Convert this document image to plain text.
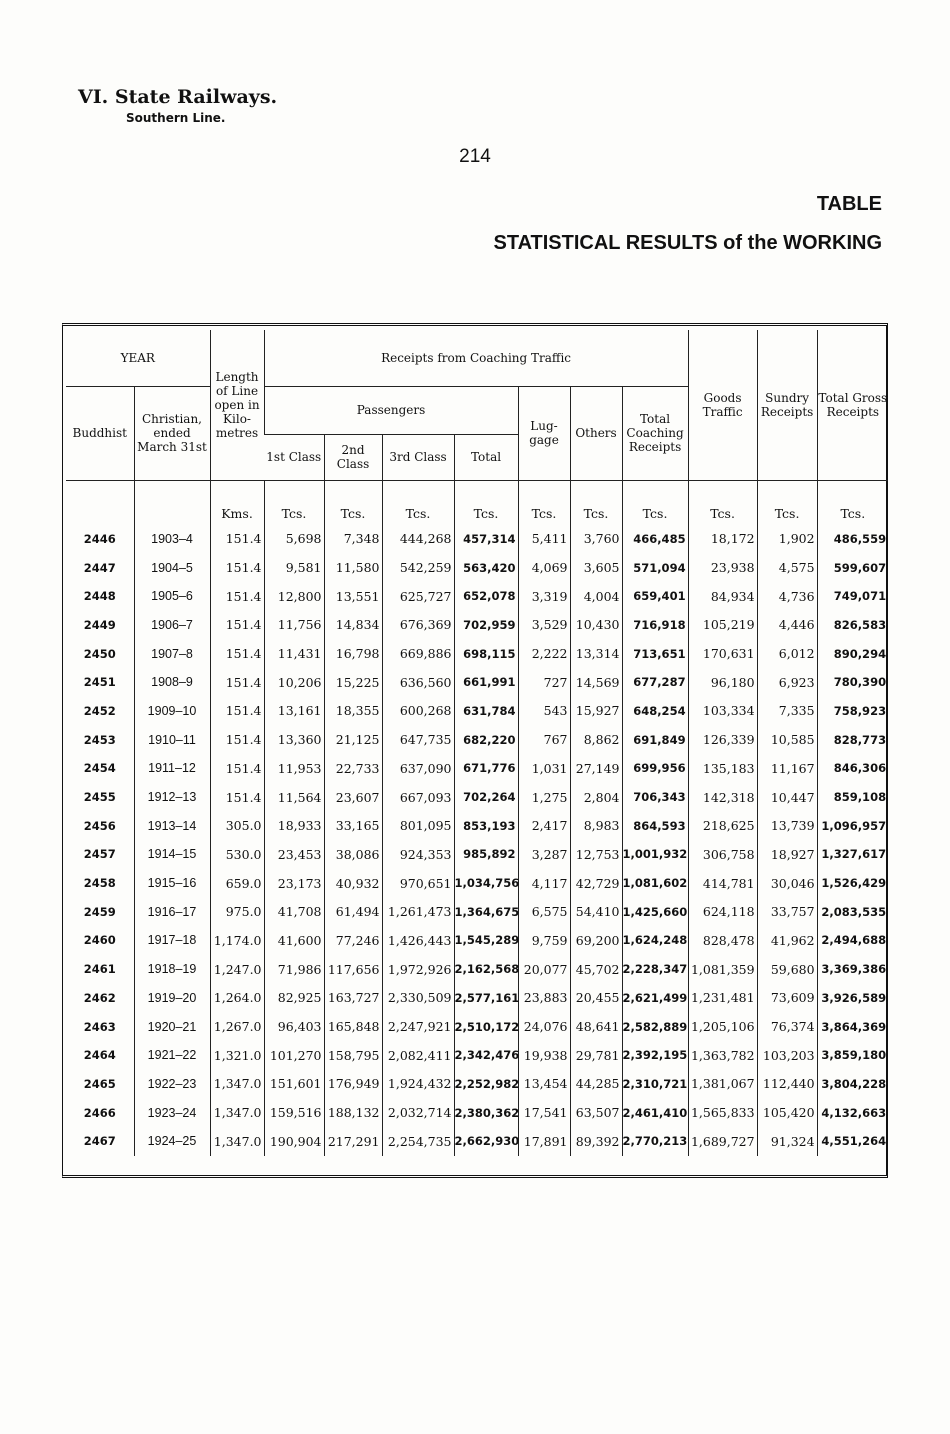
VI. State Railways.
Southern Line.
214
TABLE
STATISTICAL RESULTS of the WORKING
YEAR		Length of Line open in Kilo- metres	Receipts from Coaching Traffic							Goods Traffic	Sundry Receipts	Total Gross Receipts
Buddhist	Christian, ended March 31st		Passengers				Lug- gage	Others	Total Coaching Receipts			
			1st Class	2nd Class	3rd Class	Total						

		Kms.	Tcs.	Tcs.	Tcs.	Tcs.	Tcs.	Tcs.	Tcs.	Tcs.	Tcs.	Tcs.
2446	1903–4	151.4	5,698	7,348	444,268	457,314	5,411	3,760	466,485	18,172	1,902	486,559
2447	1904–5	151.4	9,581	11,580	542,259	563,420	4,069	3,605	571,094	23,938	4,575	599,607
2448	1905–6	151.4	12,800	13,551	625,727	652,078	3,319	4,004	659,401	84,934	4,736	749,071
2449	1906–7	151.4	11,756	14,834	676,369	702,959	3,529	10,430	716,918	105,219	4,446	826,583
2450	1907–8	151.4	11,431	16,798	669,886	698,115	2,222	13,314	713,651	170,631	6,012	890,294
2451	1908–9	151.4	10,206	15,225	636,560	661,991	727	14,569	677,287	96,180	6,923	780,390
2452	1909–10	151.4	13,161	18,355	600,268	631,784	543	15,927	648,254	103,334	7,335	758,923
2453	1910–11	151.4	13,360	21,125	647,735	682,220	767	8,862	691,849	126,339	10,585	828,773
2454	1911–12	151.4	11,953	22,733	637,090	671,776	1,031	27,149	699,956	135,183	11,167	846,306
2455	1912–13	151.4	11,564	23,607	667,093	702,264	1,275	2,804	706,343	142,318	10,447	859,108
2456	1913–14	305.0	18,933	33,165	801,095	853,193	2,417	8,983	864,593	218,625	13,739	1,096,957
2457	1914–15	530.0	23,453	38,086	924,353	985,892	3,287	12,753	1,001,932	306,758	18,927	1,327,617
2458	1915–16	659.0	23,173	40,932	970,651	1,034,756	4,117	42,729	1,081,602	414,781	30,046	1,526,429
2459	1916–17	975.0	41,708	61,494	1,261,473	1,364,675	6,575	54,410	1,425,660	624,118	33,757	2,083,535
2460	1917–18	1,174.0	41,600	77,246	1,426,443	1,545,289	9,759	69,200	1,624,248	828,478	41,962	2,494,688
2461	1918–19	1,247.0	71,986	117,656	1,972,926	2,162,568	20,077	45,702	2,228,347	1,081,359	59,680	3,369,386
2462	1919–20	1,264.0	82,925	163,727	2,330,509	2,577,161	23,883	20,455	2,621,499	1,231,481	73,609	3,926,589
2463	1920–21	1,267.0	96,403	165,848	2,247,921	2,510,172	24,076	48,641	2,582,889	1,205,106	76,374	3,864,369
2464	1921–22	1,321.0	101,270	158,795	2,082,411	2,342,476	19,938	29,781	2,392,195	1,363,782	103,203	3,859,180
2465	1922–23	1,347.0	151,601	176,949	1,924,432	2,252,982	13,454	44,285	2,310,721	1,381,067	112,440	3,804,228
2466	1923–24	1,347.0	159,516	188,132	2,032,714	2,380,362	17,541	63,507	2,461,410	1,565,833	105,420	4,132,663
2467	1924–25	1,347.0	190,904	217,291	2,254,735	2,662,930	17,891	89,392	2,770,213	1,689,727	91,324	4,551,264
